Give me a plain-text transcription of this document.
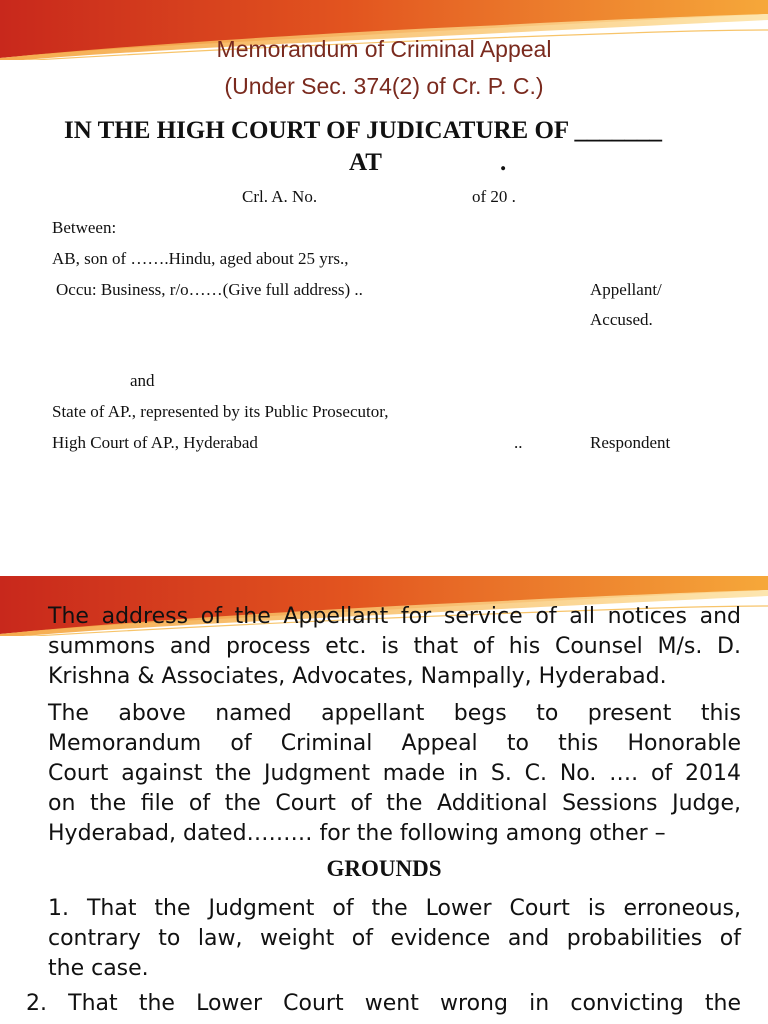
Memorandum of Criminal Appeal

(Under Sec. 374(2) of Cr. P. C.)

IN THE HIGH COURT OF JUDICATURE OF _______

AT	.

Crl. A. No.	of 20 .

Between:

AB, son of …….Hindu, aged about 25 yrs.,

Occu: Business, r/o……(Give full address) ..	Appellant/

Accused.

and

State of AP., represented by its Public Prosecutor,

High Court of AP., Hyderabad	..	Respondent

The address of the Appellant for service of all notices and

summons and process etc. is that of his Counsel M/s. D.

Krishna & Associates, Advocates, Nampally, Hyderabad.

The above named appellant begs to present this

Memorandum of Criminal Appeal to this Honorable

Court against the Judgment made in S. C. No. …. of 2014

on the file of the Court of the Additional Sessions Judge,

Hyderabad, dated……… for the following among other –

GROUNDS

1. That the Judgment of the Lower Court is erroneous,

contrary to law, weight of evidence and probabilities of

the case.

2. That the Lower Court went wrong in convicting the
